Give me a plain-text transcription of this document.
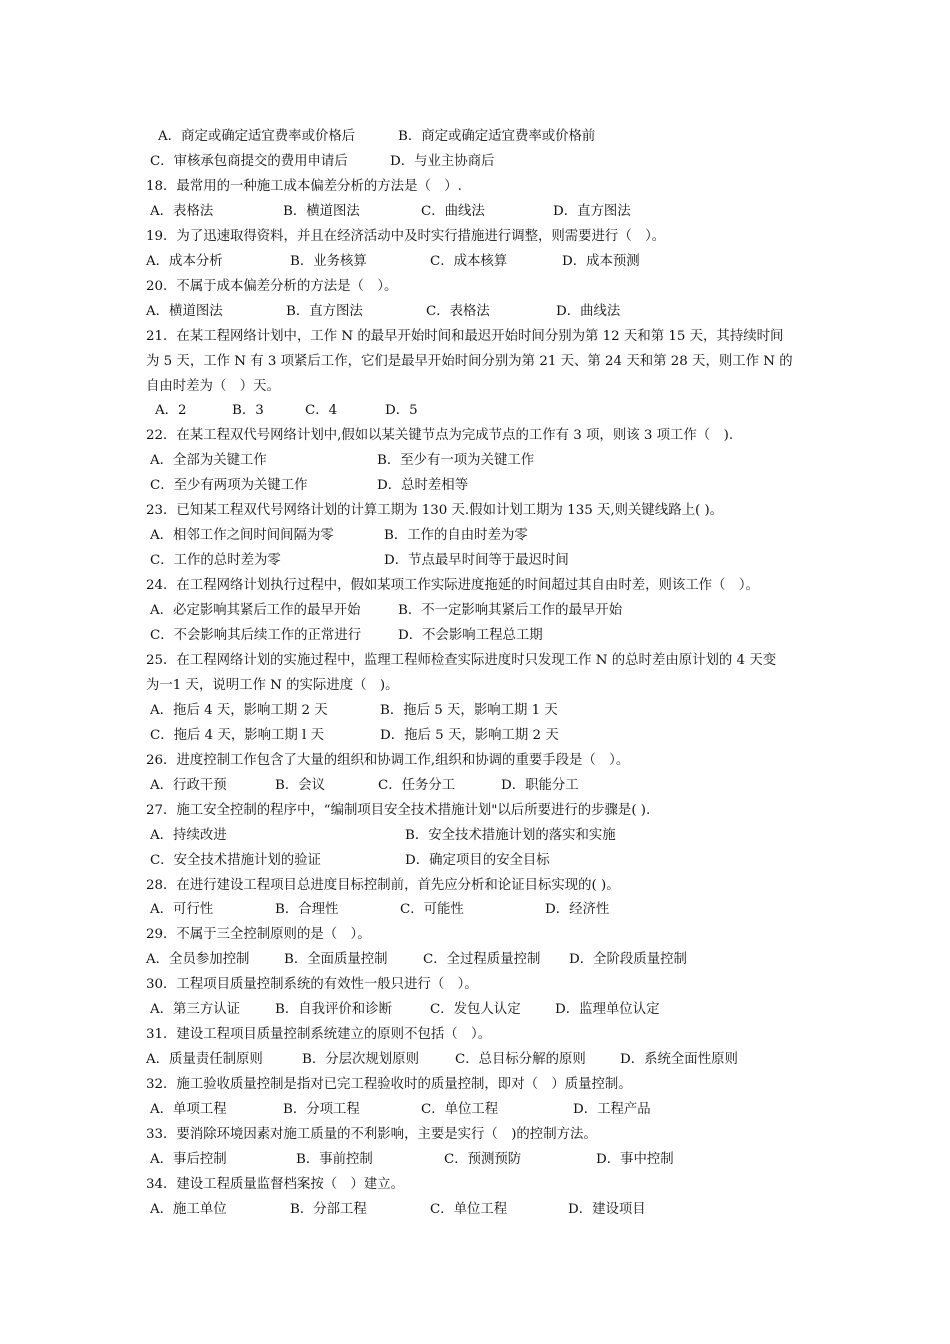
A．商定或确定适宜费率或价格后	B．商定或确定适宜费率或价格前
C．审核承包商提交的费用申请后	D．与业主协商后
18．最常用的一种施工成本偏差分析的方法是（　）.
A．表格法	B．横道图法	C．曲线法	D．直方图法
19．为了迅速取得资料，并且在经济活动中及时实行措施进行调整，则需要进行（　）。
A．成本分析	B．业务核算	C．成本核算	D．成本预测
20．不属于成本偏差分析的方法是（　）。
A．横道图法	B．直方图法	C．表格法	D．曲线法
21．在某工程网络计划中，工作 N 的最早开始时间和最迟开始时间分别为第 12 天和第 15 天，其持续时间
为 5 天，工作 N 有 3 项紧后工作，它们是最早开始时间分别为第 21 天、第 24 天和第 28 天，则工作 N 的
自由时差为（　）天。
A．2	B．3	C．4	D．5
22．在某工程双代号网络计划中,假如以某关键节点为完成节点的工作有 3 项，则该 3 项工作（　).
A．全部为关键工作	B．至少有一项为关键工作
C．至少有两项为关键工作	D．总时差相等
23．已知某工程双代号网络计划的计算工期为 130 天.假如计划工期为 135 天,则关键线路上( )。
A．相邻工作之间时间间隔为零	B．工作的自由时差为零
C．工作的总时差为零	D．节点最早时间等于最迟时间
24．在工程网络计划执行过程中，假如某项工作实际进度拖延的时间超过其自由时差，则该工作（　）。
A．必定影响其紧后工作的最早开始	B．不一定影响其紧后工作的最早开始
C．不会影响其后续工作的正常进行	D．不会影响工程总工期
25．在工程网络计划的实施过程中，监理工程师检查实际进度时只发现工作 N 的总时差由原计划的 4 天变
为一1 天，说明工作 N 的实际进度（　)。
A．拖后 4 天，影响工期 2 天	B．拖后 5 天，影响工期 1 天
C．拖后 4 天，影响工期 l 天	D．拖后 5 天，影响工期 2 天
26．进度控制工作包含了大量的组织和协调工作,组织和协调的重要手段是（　）。
A．行政干预	B．会议	C．任务分工	D．职能分工
27．施工安全控制的程序中，“编制项目安全技术措施计划"以后所要进行的步骤是( ).
A．持续改进	B．安全技术措施计划的落实和实施
C．安全技术措施计划的验证	D．确定项目的安全目标
28．在进行建设工程项目总进度目标控制前，首先应分析和论证目标实现的( )。
A．可行性	B．合理性	C．可能性	D．经济性
29．不属于三全控制原则的是（　）。
A．全员参加控制	B．全面质量控制	C．全过程质量控制 D．全阶段质量控制
30．工程项目质量控制系统的有效性一般只进行（　）。
A．第三方认证	B．自我评价和诊断	C．发包人认定	D．监理单位认定
31．建设工程项目质量控制系统建立的原则不包括（　）。
A．质量责任制原则	B．分层次规划原则	C．总目标分解的原则	D．系统全面性原则
32．施工验收质量控制是指对已完工程验收时的质量控制，即对（　）质量控制。
A．单项工程	B．分项工程	C．单位工程	D．工程产品
33．要消除环境因素对施工质量的不利影响，主要是实行（　)的控制方法。
A．事后控制	B．事前控制	C．预测预防	D．事中控制
34．建设工程质量监督档案按（　）建立。
A．施工单位	B．分部工程	C．单位工程	D．建设项目
